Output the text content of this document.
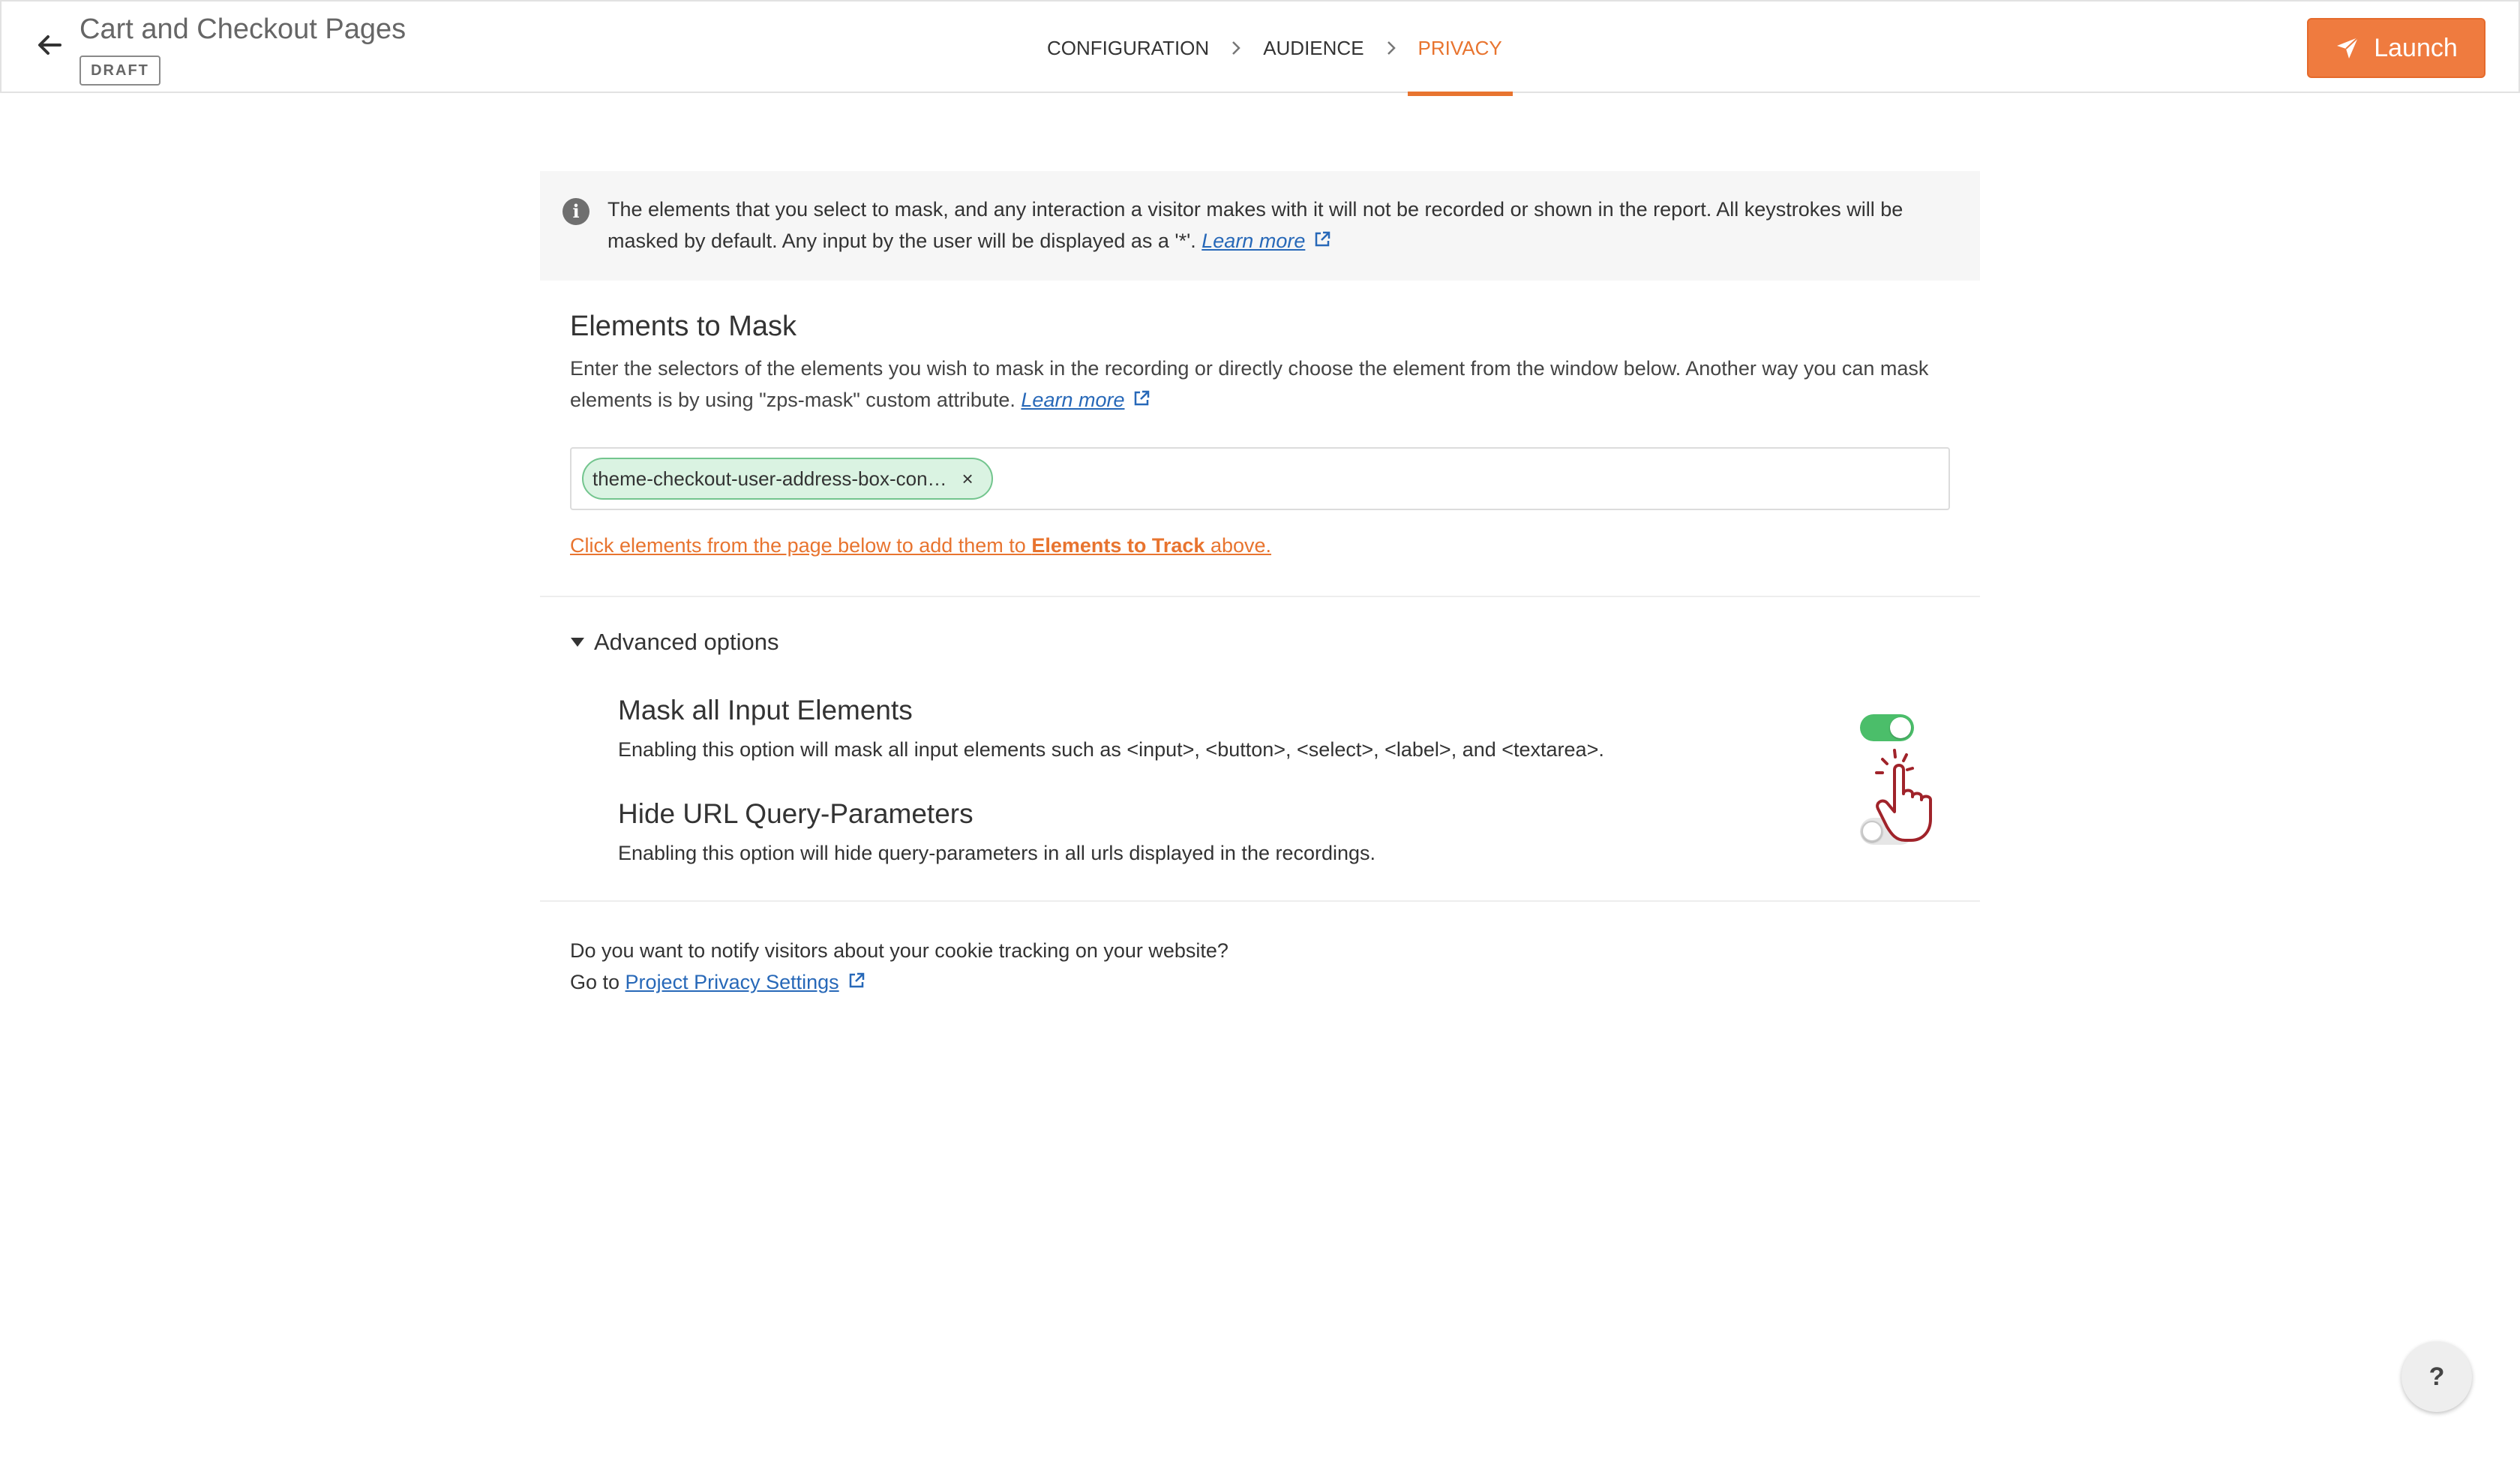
Cart and Checkout Pages
DRAFT
CONFIGURATION	AUDIENCE	PRIVACY	Launch
i	The elements that you select to mask, and any interaction a visitor makes with it will not be recorded or shown in the report. All keystrokes will be masked by default. Any input by the user will be displayed as a '*'. Learn more
Elements to Mask
Enter the selectors of the elements you wish to mask in the recording or directly choose the element from the window below. Another way you can mask elements is by using "zps-mask" custom attribute. Learn more
theme-checkout-user-address-box-con… ×
Click elements from the page below to add them to Elements to Track above.
Advanced options
Mask all Input Elements
Enabling this option will mask all input elements such as <input>, <button>, <select>, <label>, and <textarea>.
Hide URL Query-Parameters
Enabling this option will hide query-parameters in all urls displayed in the recordings.
Do you want to notify visitors about your cookie tracking on your website?
Go to Project Privacy Settings
?
